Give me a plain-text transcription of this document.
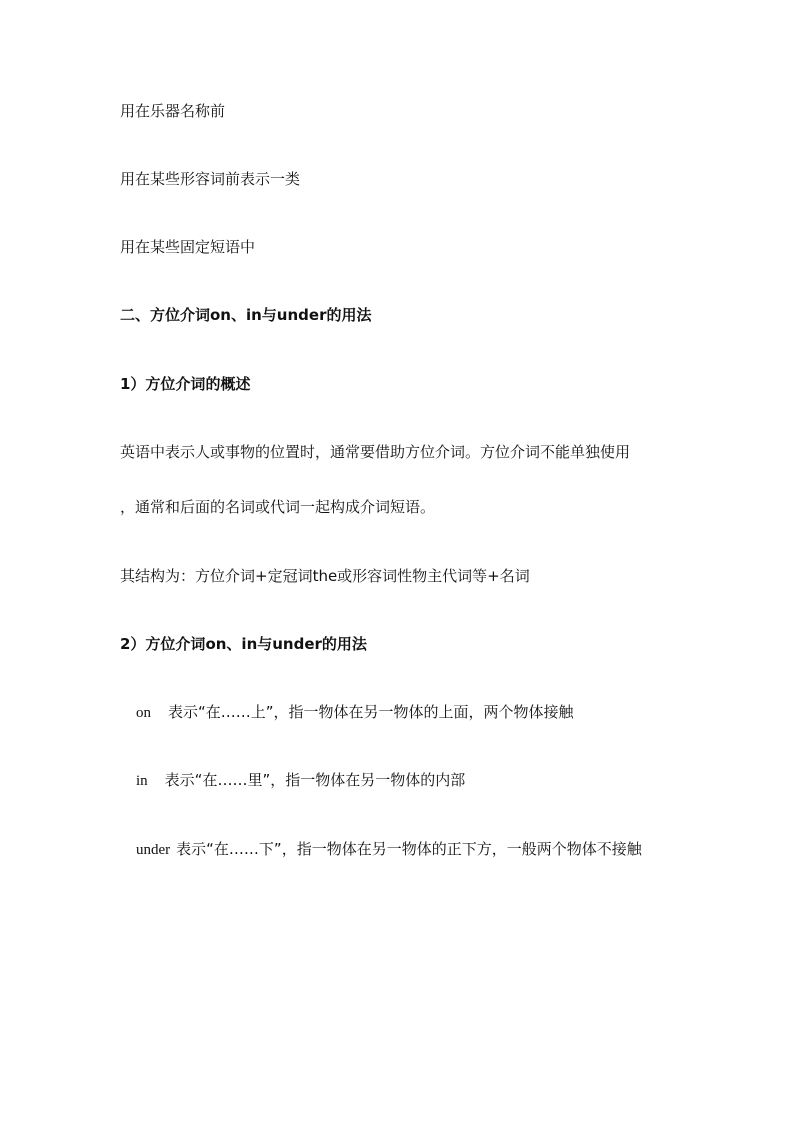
用在乐器名称前
用在某些形容词前表示一类
用在某些固定短语中
二、方位介词on、in与under的用法
1）方位介词的概述
英语中表示人或事物的位置时，通常要借助方位介词。方位介词不能单独使用
，通常和后面的名词或代词一起构成介词短语。
其结构为：方位介词+定冠词the或形容词性物主代词等+名词
2）方位介词on、in与under的用法
on 表示“在……上”，指一物体在另一物体的上面，两个物体接触
in 表示“在……里”，指一物体在另一物体的内部
under 表示“在……下”，指一物体在另一物体的正下方，一般两个物体不接触
